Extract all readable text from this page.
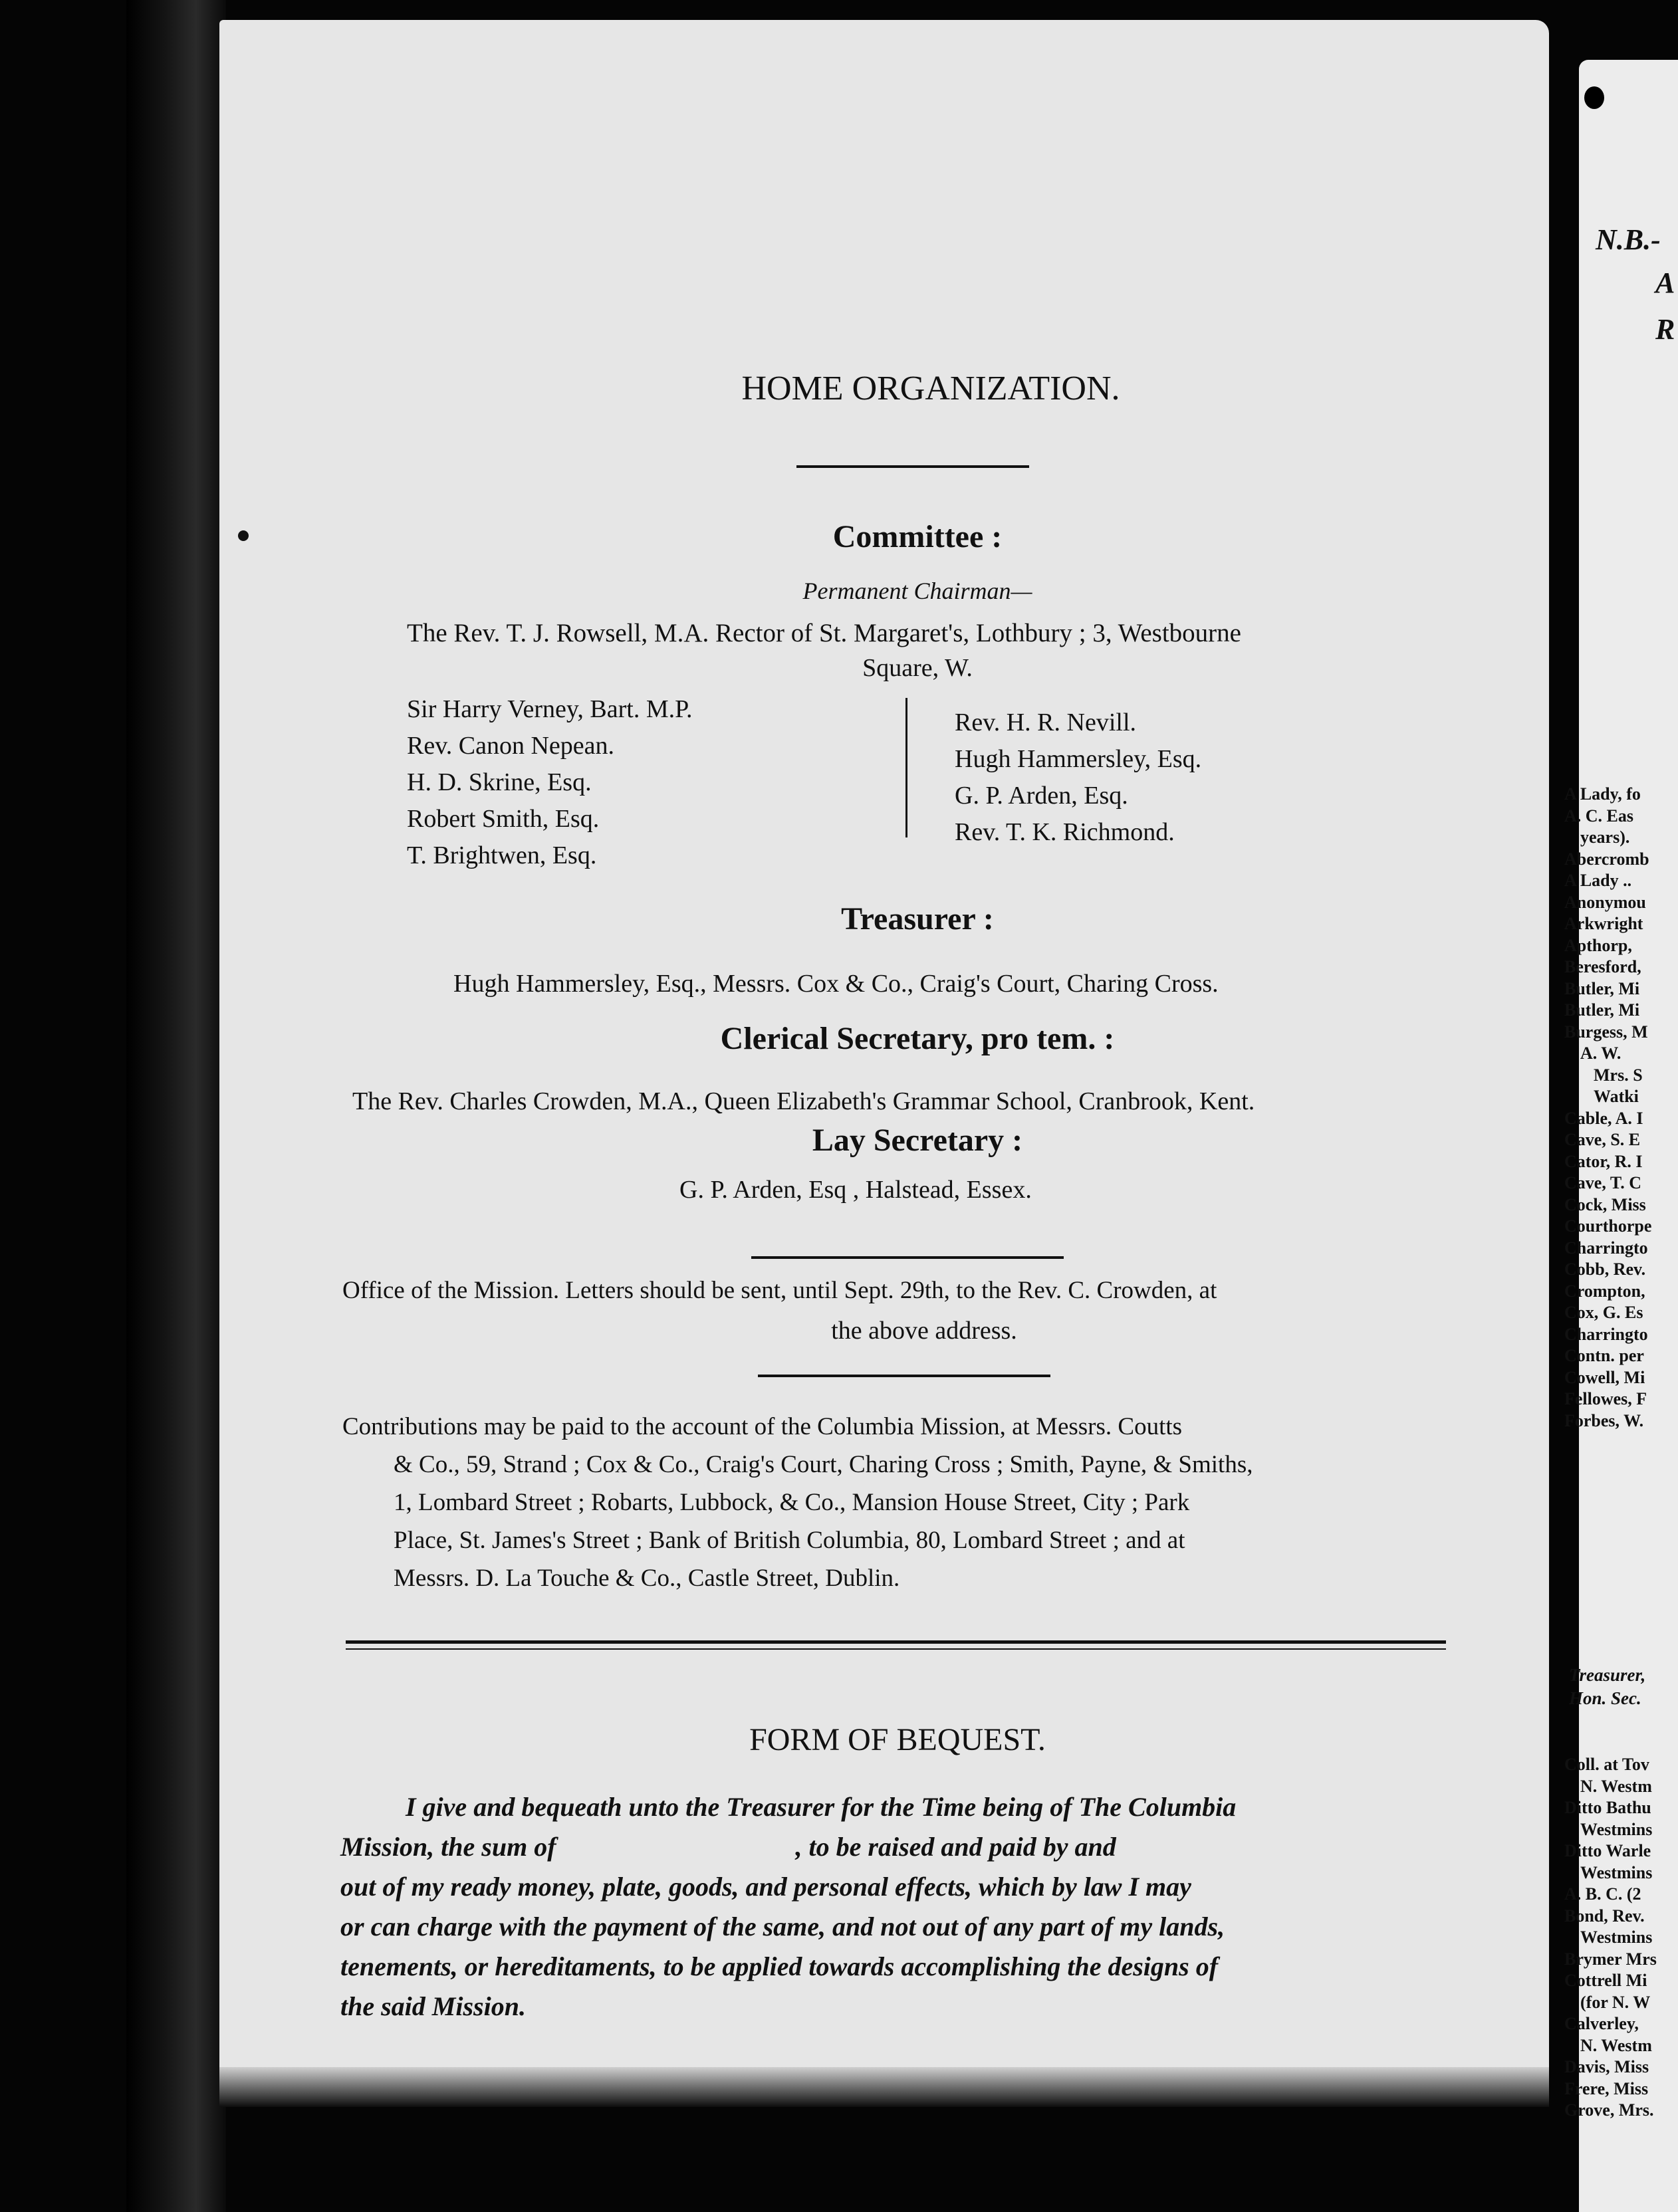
HOME ORGANIZATION.
Committee :
Permanent Chairman—
The Rev. T. J. Rowsell, M.A. Rector of St. Margaret's, Lothbury ; 3, Westbourne
Square, W.
Sir Harry Verney, Bart. M.P.
Rev. Canon Nepean.
H. D. Skrine, Esq.
Robert Smith, Esq.
T. Brightwen, Esq.
Rev. H. R. Nevill.
Hugh Hammersley, Esq.
G. P. Arden, Esq.
Rev. T. K. Richmond.
Treasurer :
Hugh Hammersley, Esq., Messrs. Cox & Co., Craig's Court, Charing Cross.
Clerical Secretary, pro tem. :
The Rev. Charles Crowden, M.A., Queen Elizabeth's Grammar School, Cranbrook, Kent.
Lay Secretary :
G. P. Arden, Esq , Halstead, Essex.
Office of the Mission. Letters should be sent, until Sept. 29th, to the Rev. C. Crowden, at
the above address.
Contributions may be paid to the account of the Columbia Mission, at Messrs. Coutts
& Co., 59, Strand ; Cox & Co., Craig's Court, Charing Cross ; Smith, Payne, & Smiths,
1, Lombard Street ; Robarts, Lubbock, & Co., Mansion House Street, City ; Park
Place, St. James's Street ; Bank of British Columbia, 80, Lombard Street ; and at
Messrs. D. La Touche & Co., Castle Street, Dublin.
FORM OF BEQUEST.
I give and bequeath unto the Treasurer for the Time being of The Columbia
Mission, the sum of                                    , to be raised and paid by and
out of my ready money, plate, goods, and personal effects, which by law I may
or can charge with the payment of the same, and not out of any part of my lands,
tenements, or hereditaments, to be applied towards accomplishing the designs of
the said Mission.
N.B.-
A
R
A Lady, fo
A. C. Eas
years).
Abercromb
A Lady ..
Anonymou
Arkwright
Apthorp,
Beresford,
Butler, Mi
Butler, Mi
Burgess, M
A. W.
Mrs. S
Watki
Cable, A. I
Cave, S. E
Cator, R. I
Cave, T. C
Cock, Miss
Courthorpe
Charringto
Cobb, Rev.
Crompton,
Cox, G. Es
Charringto
Contn. per
Cowell, Mi
Fellowes, F
Forbes, W.
Coll. at Tov
N. Westm
Ditto Bathu
Westmins
Ditto Warle
Westmins
A. B. C. (2
Bond, Rev.
Westmins
Brymer Mrs
Cottrell Mi
(for N. W
Calverley,
N. Westm
Davis, Miss
Frere, Miss
Grove, Mrs.
Treasurer,
Hon. Sec.
